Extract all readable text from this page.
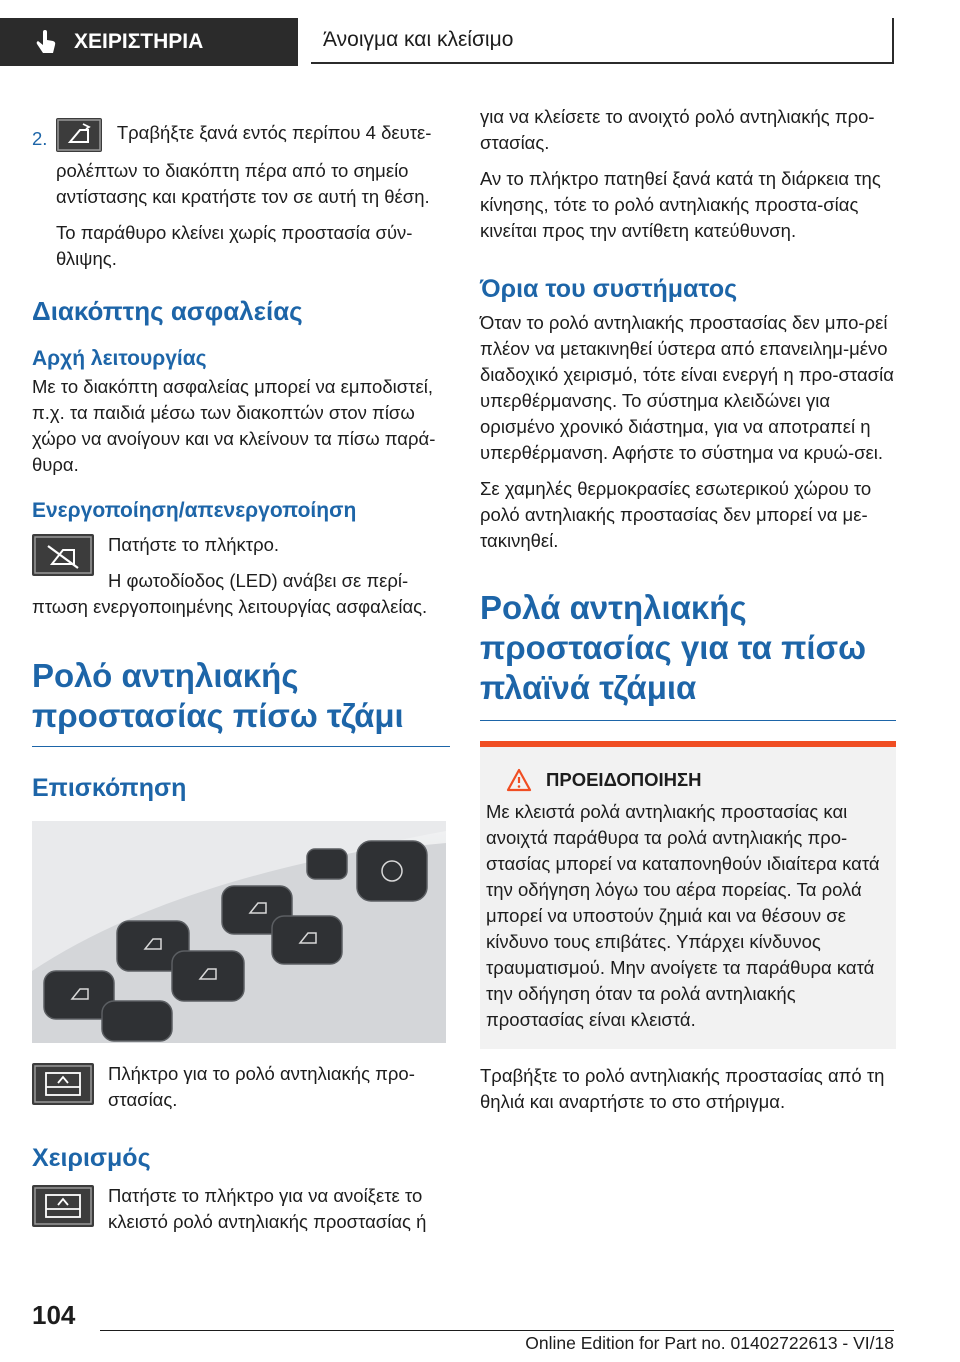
ΧΕΙΡΙΣΤΗΡΙΑ	Άνοιγμα και κλείσιμο
2.	Τραβήξτε ξανά εντός περίπου 4 δευτε-
ρολέπτων το διακόπτη πέρα από το σημείο αντίστασης και κρατήστε τον σε αυτή τη θέση.

Το παράθυρο κλείνει χωρίς προστασία σύν-θλιψης.

Διακόπτης ασφαλείας
Αρχή λειτουργίας

Με το διακόπτη ασφαλείας μπορεί να εμποδιστεί, π.χ. τα παιδιά μέσω των διακοπτών στον πίσω χώρο να ανοίγουν και να κλείνουν τα πίσω παρά-θυρα.

Ενεργοποίηση/απενεργοποίηση

Πατήστε το πλήκτρο.

Η φωτοδίοδος (LED) ανάβει σε περί-πτωση ενεργοποιημένης λειτουργίας ασφαλείας.

Ρολό αντηλιακής προστασίας πίσω τζάμι
Επισκόπηση

Πλήκτρο για το ρολό αντηλιακής προ-στασίας.

Χειρισμός

Πατήστε το πλήκτρο για να ανοίξετε το κλειστό ρολό αντηλιακής προστασίας ή

για να κλείσετε το ανοιχτό ρολό αντηλιακής προ-στασίας.

Αν το πλήκτρο πατηθεί ξανά κατά τη διάρκεια της κίνησης, τότε το ρολό αντηλιακής προστα-σίας κινείται προς την αντίθετη κατεύθυνση.

Όρια του συστήματος

Όταν το ρολό αντηλιακής προστασίας δεν μπο-ρεί πλέον να μετακινηθεί ύστερα από επανειλημ-μένο διαδοχικό χειρισμό, τότε είναι ενεργή η προ-στασία υπερθέρμανσης. Το σύστημα κλειδώνει για ορισμένο χρονικό διάστημα, για να αποτραπεί η υπερθέρμανση. Αφήστε το σύστημα να κρυώ-σει.

Σε χαμηλές θερμοκρασίες εσωτερικού χώρου το ρολό αντηλιακής προστασίας δεν μπορεί να με-τακινηθεί.

Ρολά αντηλιακής προστασίας για τα πίσω πλαϊνά τζάμια
ΠΡΟΕΙΔΟΠΟΙΗΣΗ

Με κλειστά ρολά αντηλιακής προστασίας και ανοιχτά παράθυρα τα ρολά αντηλιακής προ-στασίας μπορεί να καταπονηθούν ιδιαίτερα κατά την οδήγηση λόγω του αέρα πορείας. Τα ρολά μπορεί να υποστούν ζημιά και να θέσουν σε κίνδυνο τους επιβάτες. Υπάρχει κίνδυνος τραυματισμού. Μην ανοίγετε τα παράθυρα κατά την οδήγηση όταν τα ρολά αντηλιακής προστασίας είναι κλειστά.

Τραβήξτε το ρολό αντηλιακής προστασίας από τη θηλιά και αναρτήστε το στο στήριγμα.

104
Online Edition for Part no. 01402722613 - VI/18
